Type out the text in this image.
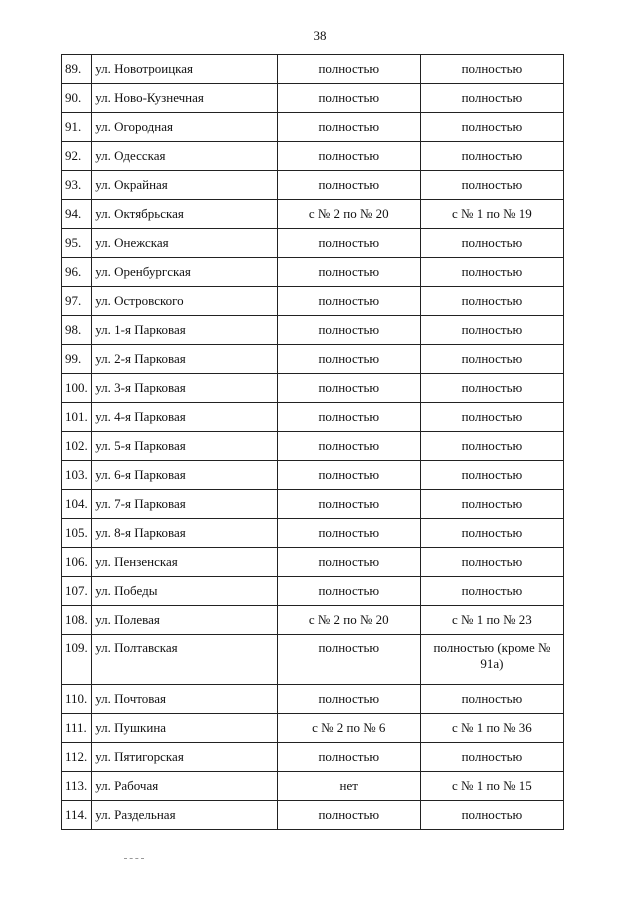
38
89.	ул. Новотроицкая	полностью	полностью
90.	ул. Ново-Кузнечная	полностью	полностью
91.	ул. Огородная	полностью	полностью
92.	ул. Одесская	полностью	полностью
93.	ул. Окрайная	полностью	полностью
94.	ул. Октябрьская	с № 2 по № 20	с № 1 по № 19
95.	ул. Онежская	полностью	полностью
96.	ул. Оренбургская	полностью	полностью
97.	ул. Островского	полностью	полностью
98.	ул. 1-я Парковая	полностью	полностью
99.	ул. 2-я Парковая	полностью	полностью
100.	ул. 3-я Парковая	полностью	полностью
101.	ул. 4-я Парковая	полностью	полностью
102.	ул. 5-я Парковая	полностью	полностью
103.	ул. 6-я Парковая	полностью	полностью
104.	ул. 7-я Парковая	полностью	полностью
105.	ул. 8-я Парковая	полностью	полностью
106.	ул. Пензенская	полностью	полностью
107.	ул. Победы	полностью	полностью
108.	ул. Полевая	с № 2 по № 20	с № 1 по № 23
109.	ул. Полтавская	полностью	полностью (кроме № 91а)
110.	ул. Почтовая	полностью	полностью
111.	ул. Пушкина	с № 2 по № 6	с № 1 по № 36
112.	ул. Пятигорская	полностью	полностью
113.	ул. Рабочая	нет	с № 1 по № 15
114.	ул. Раздельная	полностью	полностью
